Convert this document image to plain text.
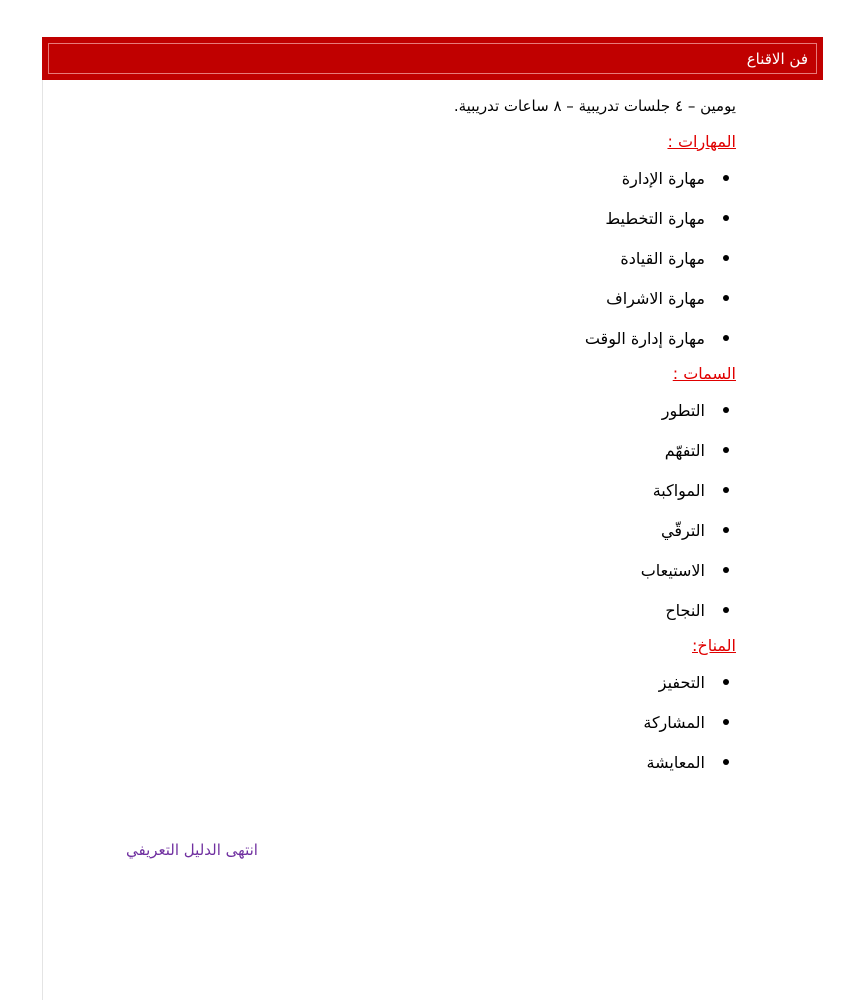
فن الاقناع
يومين – ٤ جلسات تدريبية – ٨ ساعات تدريبية.
المهارات :
مهارة الإدارة
مهارة التخطيط
مهارة القيادة
مهارة الاشراف
مهارة إدارة الوقت
السمات :
التطور
التفهّم
المواكبة
الترقّي
الاستيعاب
النجاح
المناخ:
التحفيز
المشاركة
المعايشة
انتهى الدليل التعريفي
